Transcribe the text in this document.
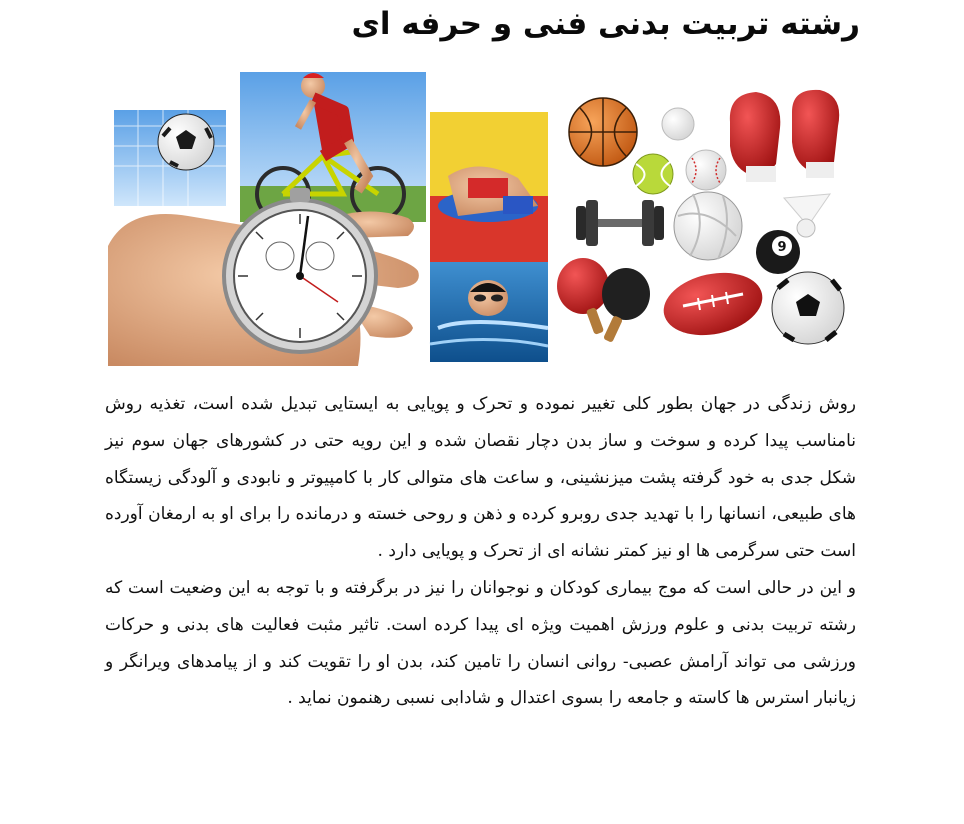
رشته تربیت بدنی فنی و حرفه ای
9

روش زندگی در جهان بطور کلی تغییر نموده و تحرک و پویایی به ایستایی تبدیل شده است، تغذیه روش نامناسب پیدا کرده و سوخت و ساز بدن دچار نقصان شده و این رویه حتی در کشورهای جهان سوم نیز شکل جدی به خود گرفته پشت میزنشینی، و ساعت های متوالی کار با کامپیوتر و نابودی و آلودگی زیستگاه های طبیعی، انسانها را با تهدید جدی روبرو کرده و ذهن و روحی خسته و درمانده را برای او به ارمغان آورده است حتی سرگرمی ها او نیز کمتر نشانه ای از تحرک و پویایی دارد .

و این در حالی است که موج بیماری کودکان و نوجوانان را نیز در برگرفته و با توجه به این وضعیت است که رشته تربیت بدنی و علوم ورزش اهمیت ویژه ای پیدا کرده است. تاثیر مثبت فعالیت های بدنی و حرکات ورزشی می تواند آرامش عصبی- روانی انسان را تامین کند، بدن او را تقویت کند و از پیامدهای ویرانگر و زیانبار استرس ها کاسته و جامعه را بسوی اعتدال و شادابی نسبی رهنمون نماید .
